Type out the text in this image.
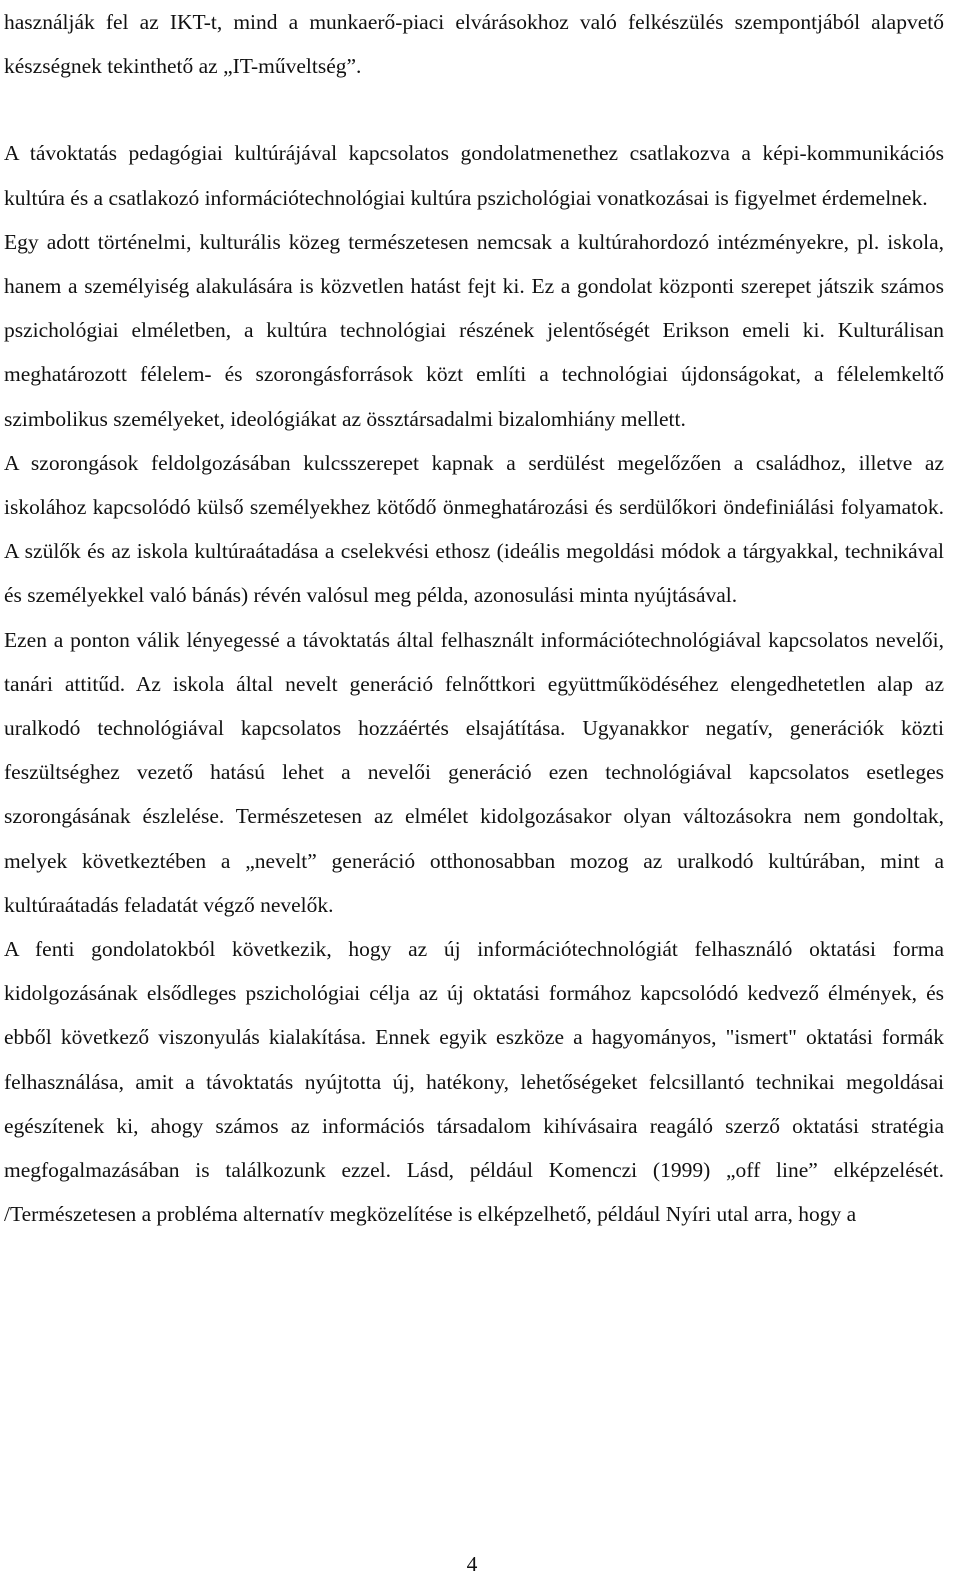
használják fel az IKT-t, mind a munkaerő-piaci elvárásokhoz való felkészülés szempontjából alapvető készségnek tekinthető az „IT-műveltség”.

A távoktatás pedagógiai kultúrájával kapcsolatos gondolatmenethez csatlakozva a képi-kommunikációs kultúra és a csatlakozó információtechnológiai kultúra pszichológiai vonatkozásai is figyelmet érdemelnek.

Egy adott történelmi, kulturális közeg természetesen nemcsak a kultúrahordozó intézményekre, pl. iskola, hanem a személyiség alakulására is közvetlen hatást fejt ki. Ez a gondolat központi szerepet játszik számos pszichológiai elméletben, a kultúra technológiai részének jelentőségét Erikson emeli ki. Kulturálisan meghatározott félelem- és szorongásforrások közt említi a technológiai újdonságokat, a félelemkeltő szimbolikus személyeket, ideológiákat az össztársadalmi bizalomhiány mellett.

A szorongások feldolgozásában kulcsszerepet kapnak a serdülést megelőzően a családhoz, illetve az iskolához kapcsolódó külső személyekhez kötődő önmeghatározási és serdülőkori öndefiniálási folyamatok. A szülők és az iskola kultúraátadása a cselekvési ethosz (ideális megoldási módok a tárgyakkal, technikával és személyekkel való bánás) révén valósul meg példa, azonosulási minta nyújtásával.

Ezen a ponton válik lényegessé a távoktatás által felhasznált információtechnológiával kapcsolatos nevelői, tanári attitűd. Az iskola által nevelt generáció felnőttkori együttműködéséhez elengedhetetlen alap az uralkodó technológiával kapcsolatos hozzáértés elsajátítása. Ugyanakkor negatív, generációk közti feszültséghez vezető hatású lehet a nevelői generáció ezen technológiával kapcsolatos esetleges szorongásának észlelése. Természetesen az elmélet kidolgozásakor olyan változásokra nem gondoltak, melyek következtében a „nevelt” generáció otthonosabban mozog az uralkodó kultúrában, mint a kultúraátadás feladatát végző nevelők.

A fenti gondolatokból következik, hogy az új információtechnológiát felhasználó oktatási forma kidolgozásának elsődleges pszichológiai célja az új oktatási formához kapcsolódó kedvező élmények, és ebből következő viszonyulás kialakítása. Ennek egyik eszköze a hagyományos, "ismert" oktatási formák felhasználása, amit a távoktatás nyújtotta új, hatékony, lehetőségeket felcsillantó technikai megoldásai egészítenek ki, ahogy számos az információs társadalom kihívásaira reagáló szerző oktatási stratégia megfogalmazásában is találkozunk ezzel. Lásd, például Komenczi (1999) „off line” elképzelését. /Természetesen a probléma alternatív megközelítése is elképzelhető, például Nyíri utal arra, hogy a

4
